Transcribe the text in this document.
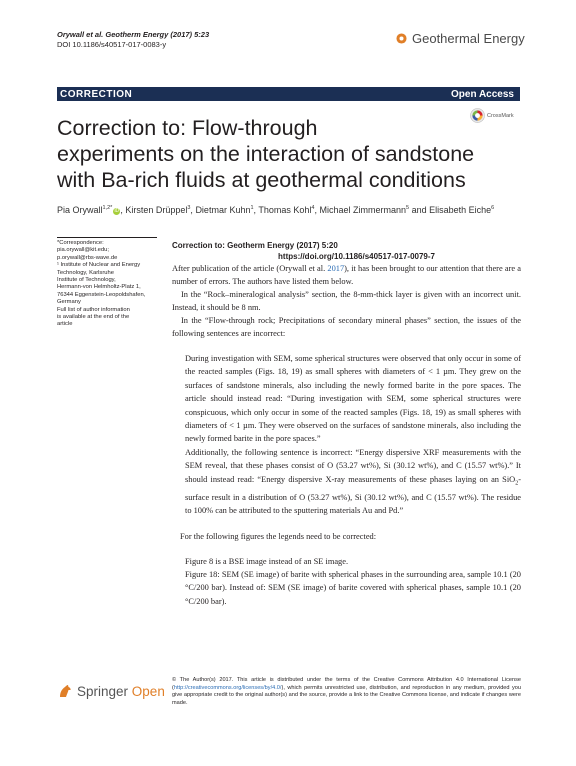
Orywall et al. Geotherm Energy (2017) 5:23
DOI 10.1186/s40517-017-0083-y	Geothermal Energy
CORRECTION	Open Access
CrossMark
Correction to: Flow-through
experiments on the interaction of sandstone
with Ba-rich fluids at geothermal conditions
Pia Orywall$^{1,2*}$ iD, Kirsten Drüppel$^3$, Dietmar Kuhn$^1$, Thomas Kohl$^4$, Michael Zimmermann$^5$ and Elisabeth Eiche$^6$
*Correspondence:
pia.orywall@kit.edu;
p.orywall@rbs-wave.de
¹ Institute of Nuclear and Energy
Technology, Karlsruhe
Institute of Technology,
Hermann-von Helmholtz-Platz 1,
76344 Eggenstein-Leopoldshafen,
Germany
Full list of author information
is available at the end of the
article
Correction to: Geotherm Energy (2017) 5:20
https://doi.org/10.1186/s40517-017-0079-7

After publication of the article (Orywall et al. 2017), it has been brought to our attention that there are a number of errors. The authors have listed them below.

In the “Rock–mineralogical analysis” section, the 8-mm-thick layer is given with an incorrect unit. Instead, it should be 8 nm.

In the “Flow-through rock; Precipitations of secondary mineral phases” section, the issues of the following sentences are incorrect:

During investigation with SEM, some spherical structures were observed that only occur in some of the reacted samples (Figs. 18, 19) as small spheres with diameters of < 1 µm. They grew on the surfaces of sandstone minerals, also including the newly formed barite in the pore spaces. The article should instead read: “During investigation with SEM, some spherical structures were conspicuous, which only occur in some of the reacted samples (Figs. 18, 19) as small spheres with diameters of < 1 µm. They were observed on the surfaces of sandstone minerals, also including the newly formed barite in the pore spaces.”

Additionally, the following sentence is incorrect: “Energy dispersive XRF measurements with the SEM reveal, that these phases consist of O (53.27 wt%), Si (30.12 wt%), and C (15.57 wt%).” It should instead read: “Energy dispersive X-ray measurements of these phases laying on an SiO$_2$-surface result in a distribution of O (53.27 wt%), Si (30.12 wt%), and C (15.57 wt%). The residue to 100% can be attributed to the sputtering materials Au and Pd.”

For the following figures the legends need to be corrected:

Figure 8 is a BSE image instead of an SE image.

Figure 18: SEM (SE image) of barite with spherical phases in the surrounding area, sample 10.1 (20 °C/200 bar). Instead of: SEM (SE image) of barite covered with spherical phases, sample 10.1 (20 °C/200 bar).

Springer Open
© The Author(s) 2017. This article is distributed under the terms of the Creative Commons Attribution 4.0 International License (http://creativecommons.org/licenses/by/4.0/), which permits unrestricted use, distribution, and reproduction in any medium, provided you give appropriate credit to the original author(s) and the source, provide a link to the Creative Commons license, and indicate if changes were made.
